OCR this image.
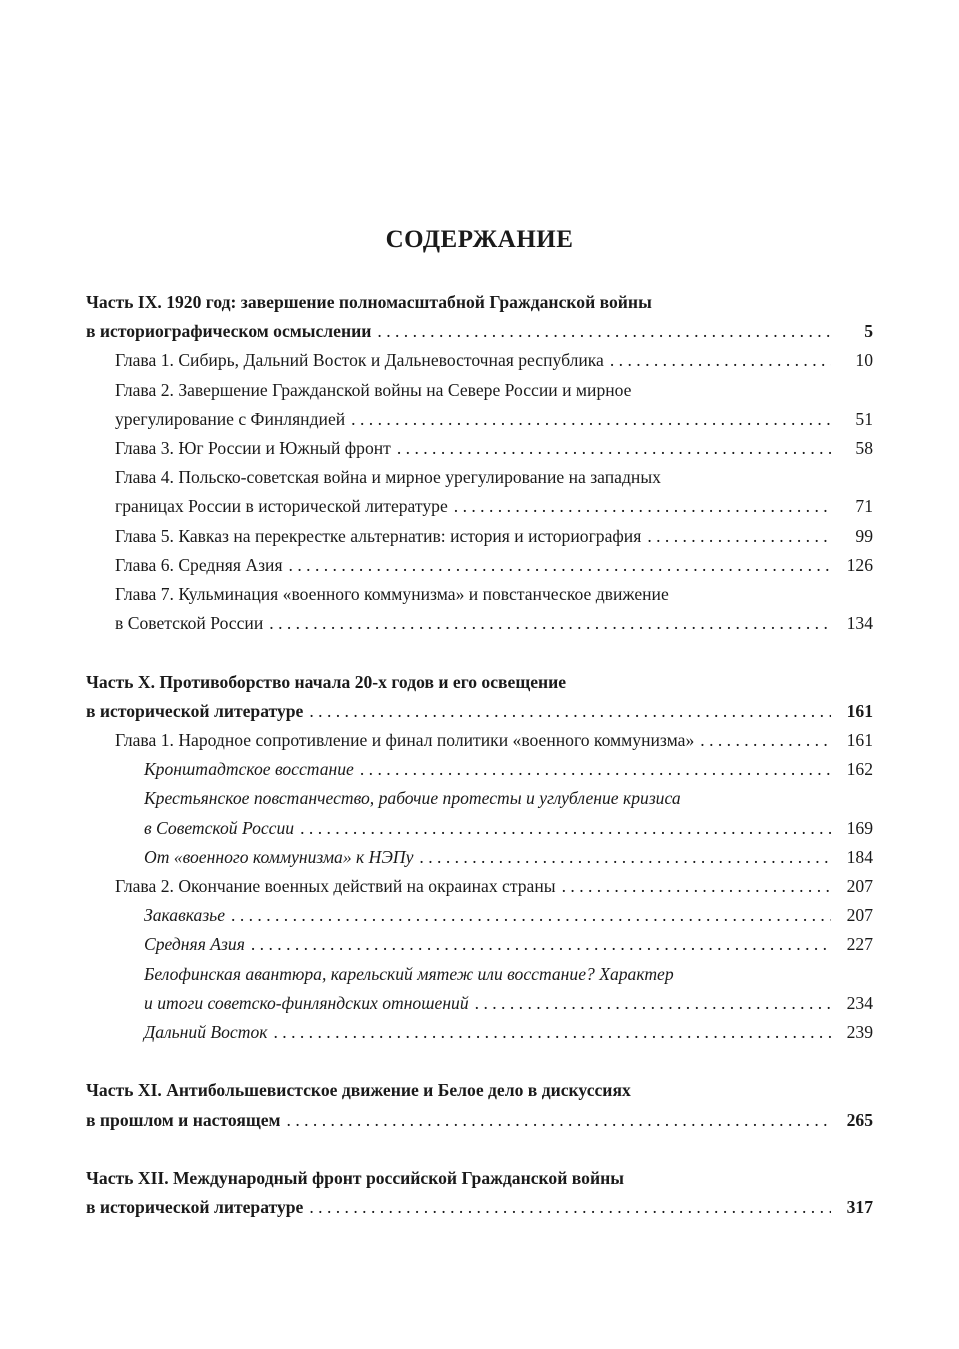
СОДЕРЖАНИЕ
Часть IX. 1920 год: завершение полномасштабной Гражданской войны
в историографическом осмыслении . . .	5
Глава 1. Сибирь, Дальний Восток и Дальневосточная республика . . .	10
Глава 2. Завершение Гражданской войны на Севере России и мирное
урегулирование с Финляндией . . .	51
Глава 3. Юг России и Южный фронт . . .	58
Глава 4. Польско-советская война и мирное урегулирование на западных
границах России в исторической литературе . . .	71
Глава 5. Кавказ на перекрестке альтернатив: история и историография . . .	99
Глава 6. Средняя Азия . . .	126
Глава 7. Кульминация «военного коммунизма» и повстанческое движение
в Советской России . . .	134
Часть X. Противоборство начала 20-х годов и его освещение
в исторической литературе . . .	161
Глава 1. Народное сопротивление и финал политики «военного коммунизма» . . .	161
Кронштадтское восстание . . .	162
Крестьянское повстанчество, рабочие протесты и углубление кризиса
в Советской России . . .	169
От «военного коммунизма» к НЭПу . . .	184
Глава 2. Окончание военных действий на окраинах страны . . .	207
Закавказье . . .	207
Средняя Азия . . .	227
Белофинская авантюра, карельский мятеж или восстание? Характер
и итоги советско-финляндских отношений . . .	234
Дальний Восток . . .	239
Часть XI. Антибольшевистское движение и Белое дело в дискуссиях
в прошлом и настоящем . . .	265
Часть XII. Международный фронт российской Гражданской войны
в исторической литературе . . .	317
